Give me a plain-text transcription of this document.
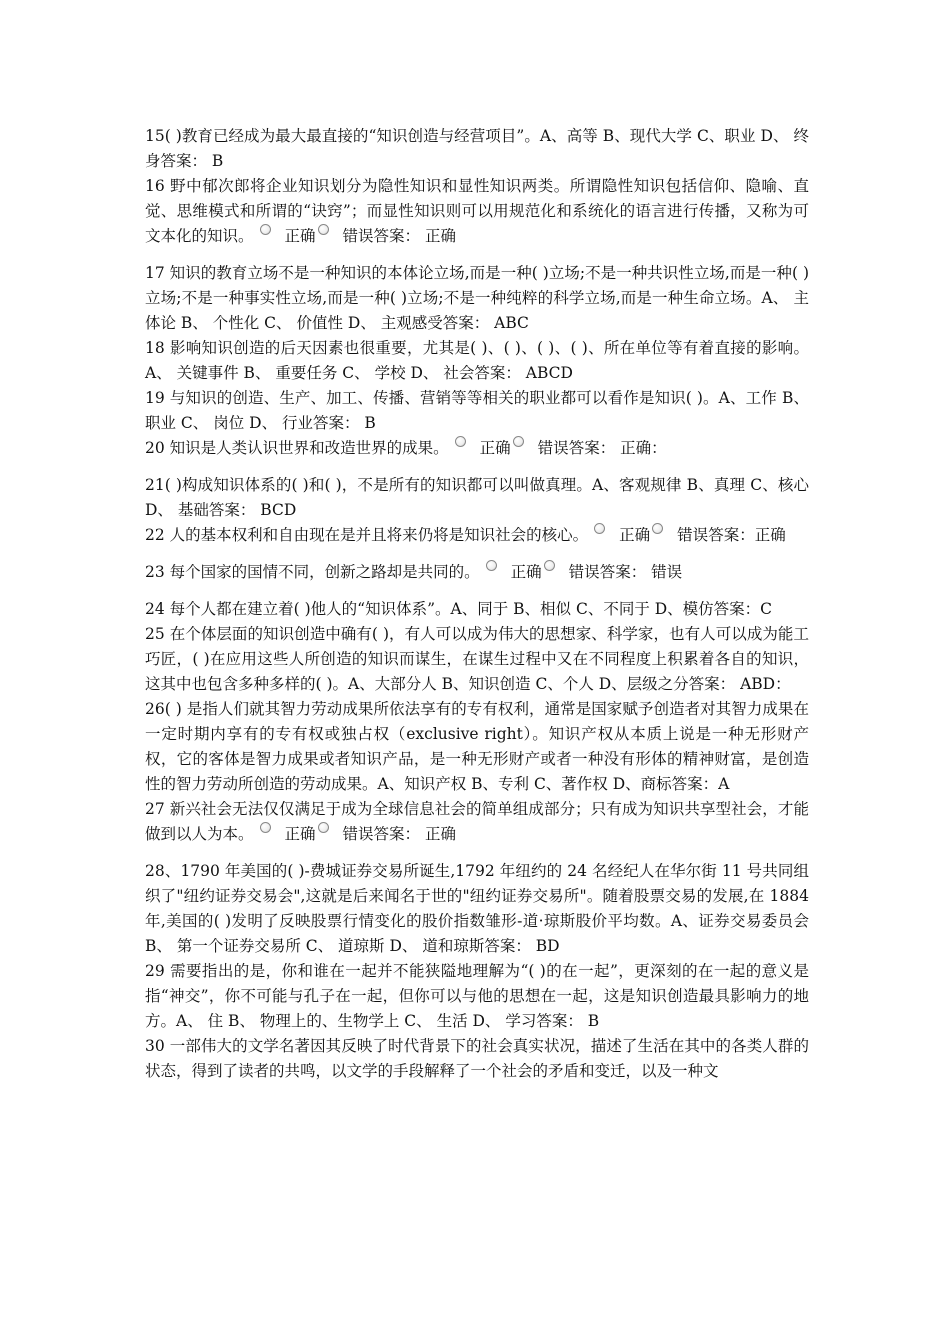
15( )教育已经成为最大最直接的“知识创造与经营项目”。A、高等 B、现代大学 C、职业 D、 终身答案： B

16 野中郁次郎将企业知识划分为隐性知识和显性知识两类。所谓隐性知识包括信仰、隐喻、直觉、思维模式和所谓的“诀窍”；而显性知识则可以用规范化和系统化的语言进行传播，又称为可文本化的知识。 正确 错误答案： 正确

17 知识的教育立场不是一种知识的本体论立场,而是一种( )立场;不是一种共识性立场,而是一种( )立场;不是一种事实性立场,而是一种( )立场;不是一种纯粹的科学立场,而是一种生命立场。A、 主体论 B、 个性化 C、 价值性 D、 主观感受答案： ABC

18 影响知识创造的后天因素也很重要，尤其是( )、( )、( )、( )、所在单位等有着直接的影响。A、 关键事件 B、 重要任务 C、 学校 D、 社会答案： ABCD

19 与知识的创造、生产、加工、传播、营销等等相关的职业都可以看作是知识( )。A、工作 B、职业 C、 岗位 D、 行业答案： B

20 知识是人类认识世界和改造世界的成果。 正确 错误答案： 正确：

21( )构成知识体系的( )和( )，不是所有的知识都可以叫做真理。A、客观规律 B、真理 C、核心 D、 基础答案： BCD

22 人的基本权利和自由现在是并且将来仍将是知识社会的核心。 正确 错误答案：正确

23 每个国家的国情不同，创新之路却是共同的。 正确 错误答案： 错误

24 每个人都在建立着( )他人的“知识体系”。A、同于 B、相似 C、不同于 D、模仿答案：C

25 在个体层面的知识创造中确有( )，有人可以成为伟大的思想家、科学家，也有人可以成为能工巧匠，( )在应用这些人所创造的知识而谋生，在谋生过程中又在不同程度上积累着各自的知识，这其中也包含多种多样的( )。A、大部分人 B、知识创造 C、个人 D、层级之分答案： ABD：

26( ) 是指人们就其智力劳动成果所依法享有的专有权利，通常是国家赋予创造者对其智力成果在一定时期内享有的专有权或独占权（exclusive right）。知识产权从本质上说是一种无形财产权，它的客体是智力成果或者知识产品，是一种无形财产或者一种没有形体的精神财富，是创造性的智力劳动所创造的劳动成果。A、知识产权 B、专利 C、著作权 D、商标答案：A

27 新兴社会无法仅仅满足于成为全球信息社会的简单组成部分；只有成为知识共享型社会，才能做到以人为本。 正确 错误答案： 正确

28、1790 年美国的( )-费城证券交易所诞生,1792 年纽约的 24 名经纪人在华尔街 11 号共同组织了"纽约证券交易会",这就是后来闻名于世的"纽约证券交易所"。随着股票交易的发展,在 1884 年,美国的( )发明了反映股票行情变化的股价指数雏形-道·琼斯股价平均数。A、证券交易委员会 B、 第一个证券交易所 C、 道琼斯 D、 道和琼斯答案： BD

29 需要指出的是，你和谁在一起并不能狭隘地理解为“( )的在一起”，更深刻的在一起的意义是指“神交”，你不可能与孔子在一起，但你可以与他的思想在一起，这是知识创造最具影响力的地方。A、 住 B、 物理上的、生物学上 C、 生活 D、 学习答案： B

30 一部伟大的文学名著因其反映了时代背景下的社会真实状况，描述了生活在其中的各类人群的状态，得到了读者的共鸣，以文学的手段解释了一个社会的矛盾和变迁，以及一种文
